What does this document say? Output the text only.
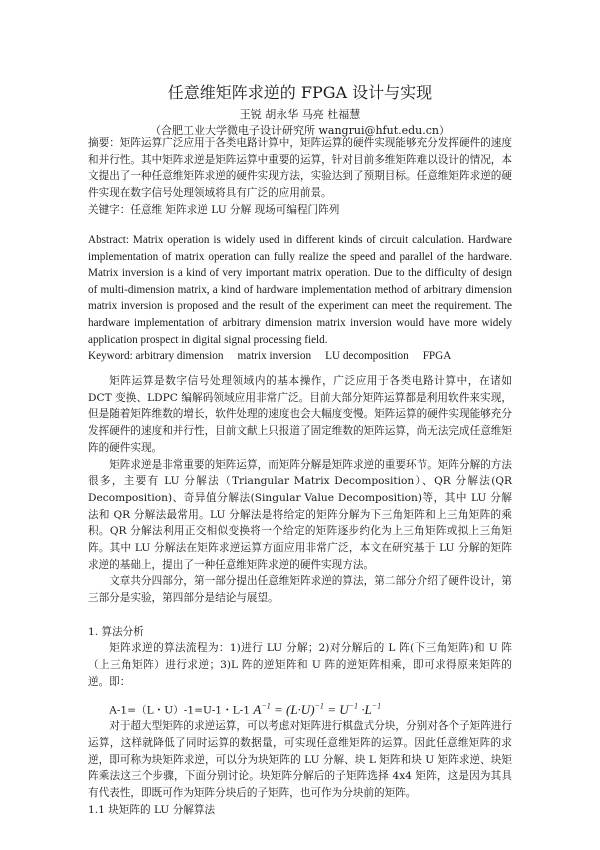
任意维矩阵求逆的 FPGA 设计与实现
王锐 胡永华 马亮 杜福慧
（合肥工业大学微电子设计研究所 wangrui@hfut.edu.cn）

摘要：矩阵运算广泛应用于各类电路计算中，矩阵运算的硬件实现能够充分发挥硬件的速度和并行性。其中矩阵求逆是矩阵运算中重要的运算，针对目前多维矩阵难以设计的情况，本文提出了一种任意维矩阵求逆的硬件实现方法，实验达到了预期目标。任意维矩阵求逆的硬件实现在数字信号处理领域将具有广泛的应用前景。

关键字：任意维 矩阵求逆 LU 分解 现场可编程门阵列

Abstract: Matrix operation is widely used in different kinds of circuit calculation. Hardware implementation of matrix operation can fully realize the speed and parallel of the hardware. Matrix inversion is a kind of very important matrix operation. Due to the difficulty of design of multi-dimension matrix, a kind of hardware implementation method of arbitrary dimension matrix inversion is proposed and the result of the experiment can meet the requirement. The hardware implementation of arbitrary dimension matrix inversion would have more widely application prospect in digital signal processing field.

Keyword: arbitrary dimension matrix inversion LU decomposition FPGA

矩阵运算是数字信号处理领域内的基本操作，广泛应用于各类电路计算中，在诸如 DCT 变换、LDPC 编解码领域应用非常广泛。目前大部分矩阵运算都是利用软件来实现，但是随着矩阵维数的增长，软件处理的速度也会大幅度变慢。矩阵运算的硬件实现能够充分发挥硬件的速度和并行性，目前文献上只报道了固定维数的矩阵运算，尚无法完成任意维矩阵的硬件实现。

矩阵求逆是非常重要的矩阵运算，而矩阵分解是矩阵求逆的重要环节。矩阵分解的方法很多，主要有 LU 分解法（Triangular Matrix Decomposition）、QR 分解法(QR Decomposition)、奇异值分解法(Singular Value Decomposition)等，其中 LU 分解法和 QR 分解法最常用。LU 分解法是将给定的矩阵分解为下三角矩阵和上三角矩阵的乘积。QR 分解法利用正交相似变换将一个给定的矩阵逐步约化为上三角矩阵或拟上三角矩阵。其中 LU 分解法在矩阵求逆运算方面应用非常广泛，本文在研究基于 LU 分解的矩阵求逆的基础上，提出了一种任意维矩阵求逆的硬件实现方法。

文章共分四部分，第一部分提出任意维矩阵求逆的算法，第二部分介绍了硬件设计，第三部分是实验，第四部分是结论与展望。

1. 算法分析

矩阵求逆的算法流程为：1)进行 LU 分解；2)对分解后的 L 阵(下三角矩阵)和 U 阵（上三角矩阵）进行求逆；3)L 阵的逆矩阵和 U 阵的逆矩阵相乘，即可求得原来矩阵的逆。即：

A-1=（L・U）-1=U-1・L-1 $A^{-1} = (L\cdot U)^{-1} = U^{-1} \cdot L^{-1}$

对于超大型矩阵的求逆运算，可以考虑对矩阵进行棋盘式分块，分别对各个子矩阵进行运算，这样就降低了同时运算的数据量，可实现任意维矩阵的运算。因此任意维矩阵的求逆，即可称为块矩阵求逆，可以分为块矩阵的 LU 分解、块 L 矩阵和块 U 矩阵求逆、块矩阵乘法这三个步骤，下面分别讨论。块矩阵分解后的子矩阵选择 4x4 矩阵，这是因为其具有代表性，即既可作为矩阵分块后的子矩阵，也可作为分块前的矩阵。

1.1 块矩阵的 LU 分解算法
